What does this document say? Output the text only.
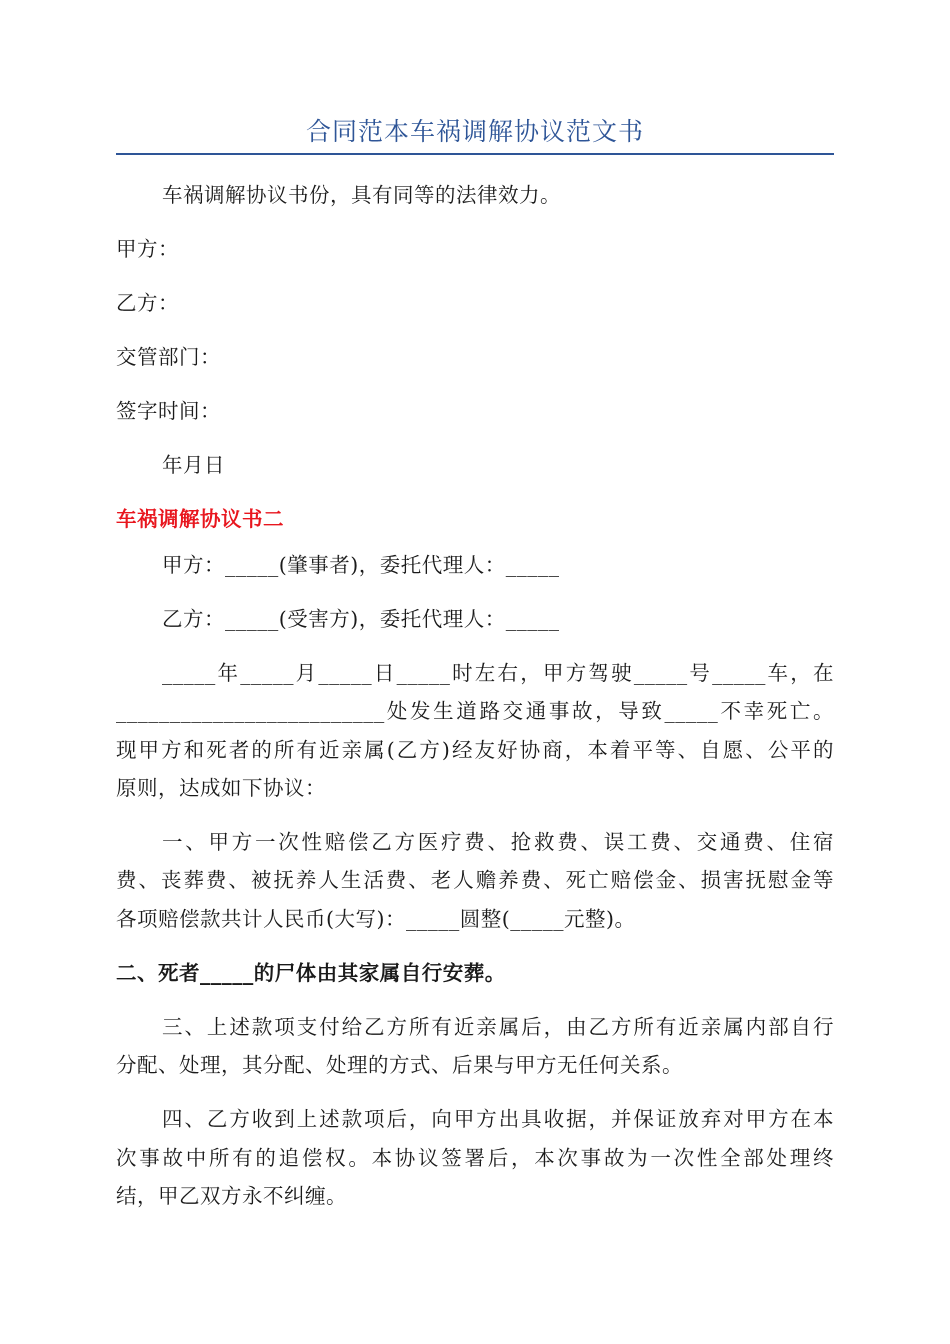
合同范本车祸调解协议范文书
车祸调解协议书份，具有同等的法律效力。
甲方：
乙方：
交管部门：
签字时间：
年月日
车祸调解协议书二
甲方：_____(肇事者)，委托代理人：_____
乙方：_____(受害方)，委托代理人：_____
_____年_____月_____日_____时左右，甲方驾驶_____号_____车，在
_________________________处发生道路交通事故，导致_____不幸死亡。
现甲方和死者的所有近亲属(乙方)经友好协商，本着平等、自愿、公平的
原则，达成如下协议：
一、甲方一次性赔偿乙方医疗费、抢救费、误工费、交通费、住宿
费、丧葬费、被抚养人生活费、老人赡养费、死亡赔偿金、损害抚慰金等
各项赔偿款共计人民币(大写)：_____圆整(_____元整)。
二、死者_____的尸体由其家属自行安葬。
三、上述款项支付给乙方所有近亲属后，由乙方所有近亲属内部自行
分配、处理，其分配、处理的方式、后果与甲方无任何关系。
四、乙方收到上述款项后，向甲方出具收据，并保证放弃对甲方在本
次事故中所有的追偿权。本协议签署后，本次事故为一次性全部处理终
结，甲乙双方永不纠缠。
